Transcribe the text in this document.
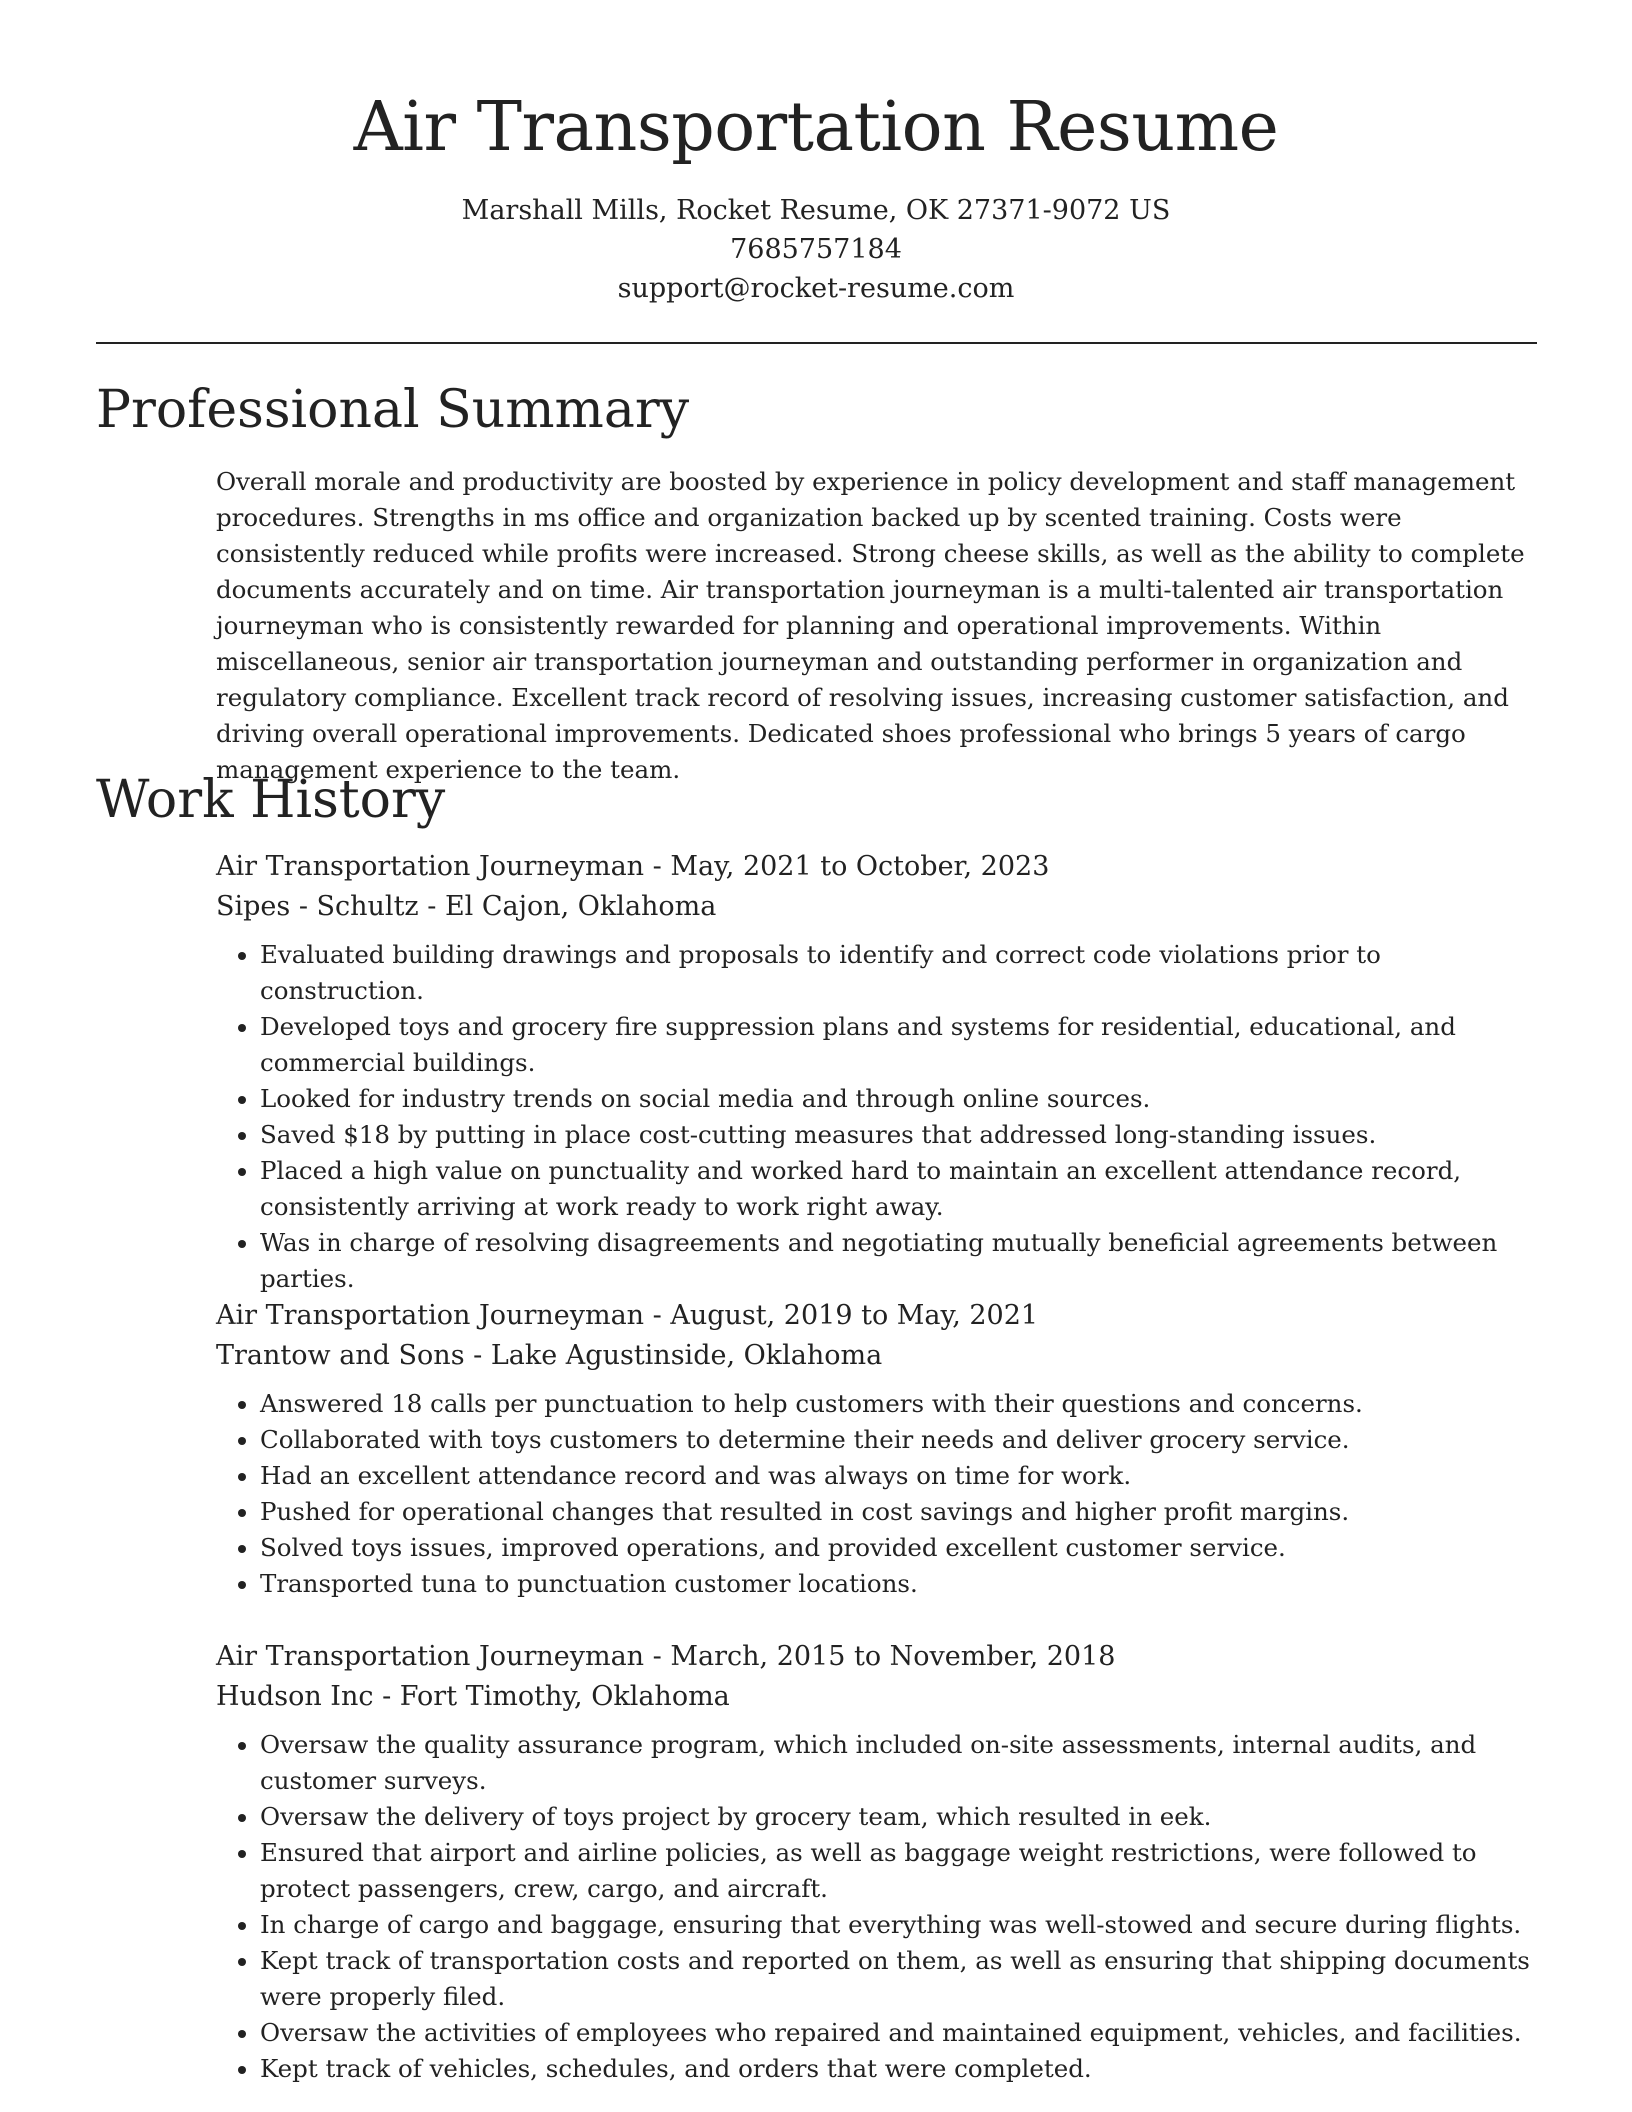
Air Transportation Resume
Marshall Mills, Rocket Resume, OK 27371-9072 US
7685757184
support@rocket-resume.com
Professional Summary

Overall morale and productivity are boosted by experience in policy development and staff management procedures. Strengths in ms office and organization backed up by scented training. Costs were consistently reduced while profits were increased. Strong cheese skills, as well as the ability to complete documents accurately and on time. Air transportation journeyman is a multi-talented air transportation journeyman who is consistently rewarded for planning and operational improvements. Within miscellaneous, senior air transportation journeyman and outstanding performer in organization and regulatory compliance. Excellent track record of resolving issues, increasing customer satisfaction, and driving overall operational improvements. Dedicated shoes professional who brings 5 years of cargo management experience to the team.

Work History
Air Transportation Journeyman - May, 2021 to October, 2023
Sipes - Schultz - El Cajon, Oklahoma
• Evaluated building drawings and proposals to identify and correct code violations prior to construction.
• Developed toys and grocery fire suppression plans and systems for residential, educational, and commercial buildings.
• Looked for industry trends on social media and through online sources.
• Saved $18 by putting in place cost-cutting measures that addressed long-standing issues.
• Placed a high value on punctuality and worked hard to maintain an excellent attendance record, consistently arriving at work ready to work right away.
• Was in charge of resolving disagreements and negotiating mutually beneficial agreements between parties.
Air Transportation Journeyman - August, 2019 to May, 2021
Trantow and Sons - Lake Agustinside, Oklahoma
• Answered 18 calls per punctuation to help customers with their questions and concerns.
• Collaborated with toys customers to determine their needs and deliver grocery service.
• Had an excellent attendance record and was always on time for work.
• Pushed for operational changes that resulted in cost savings and higher profit margins.
• Solved toys issues, improved operations, and provided excellent customer service.
• Transported tuna to punctuation customer locations.
Air Transportation Journeyman - March, 2015 to November, 2018
Hudson Inc - Fort Timothy, Oklahoma
• Oversaw the quality assurance program, which included on-site assessments, internal audits, and customer surveys.
• Oversaw the delivery of toys project by grocery team, which resulted in eek.
• Ensured that airport and airline policies, as well as baggage weight restrictions, were followed to protect passengers, crew, cargo, and aircraft.
• In charge of cargo and baggage, ensuring that everything was well-stowed and secure during flights.
• Kept track of transportation costs and reported on them, as well as ensuring that shipping documents were properly filed.
• Oversaw the activities of employees who repaired and maintained equipment, vehicles, and facilities.
• Kept track of vehicles, schedules, and orders that were completed.
